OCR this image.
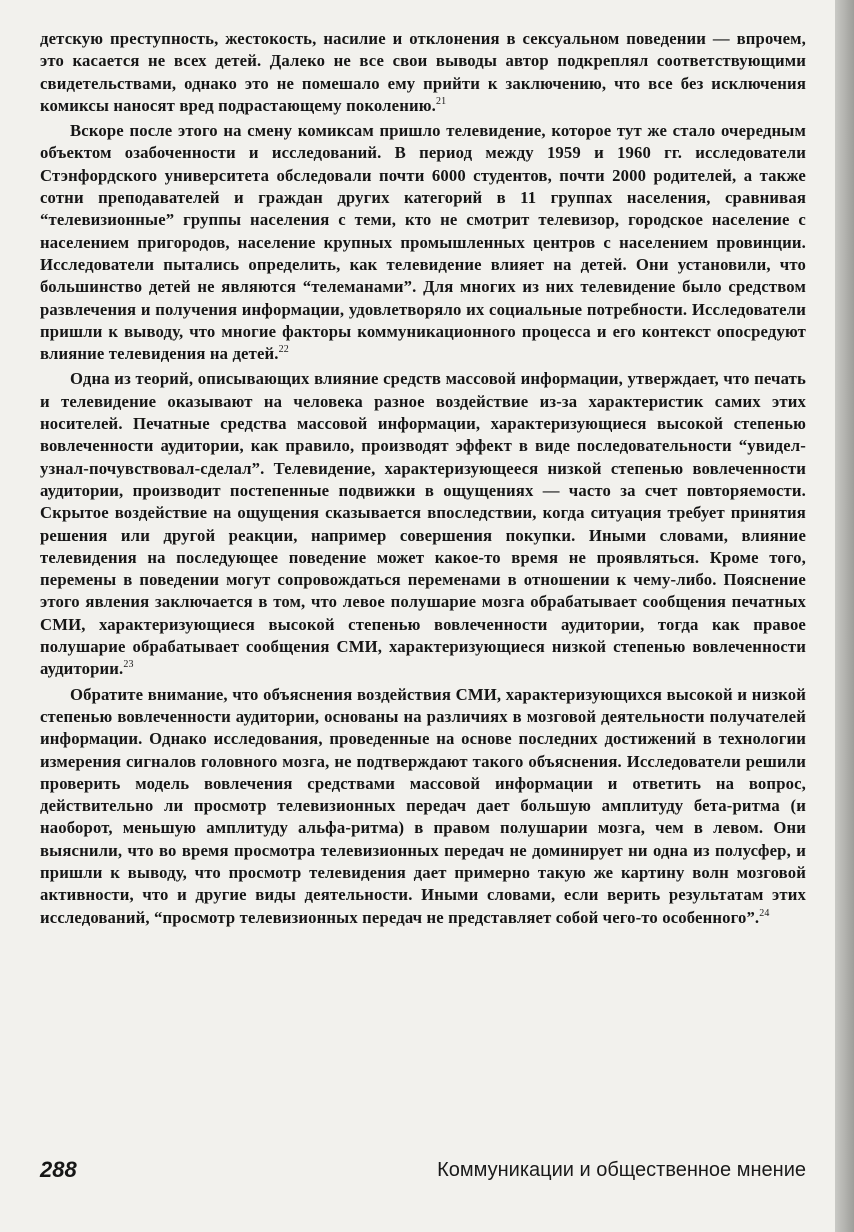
детскую преступность, жестокость, насилие и отклонения в сексуальном поведении — впрочем, это касается не всех детей. Далеко не все свои выводы автор подкреплял соответствующими свидетельствами, однако это не помешало ему прийти к заключению, что все без исключения комиксы наносят вред подрастающему поколению.$^{21}$

Вскоре после этого на смену комиксам пришло телевидение, которое тут же стало очередным объектом озабоченности и исследований. В период между 1959 и 1960 гг. исследователи Стэнфордского университета обследовали почти 6000 студентов, почти 2000 родителей, а также сотни преподавателей и граждан других категорий в 11 группах населения, сравнивая “телевизионные” группы населения с теми, кто не смотрит телевизор, городское население с населением пригородов, население крупных промышленных центров с населением провинции. Исследователи пытались определить, как телевидение влияет на детей. Они установили, что большинство детей не являются “телеманами”. Для многих из них телевидение было средством развлечения и получения информации, удовлетворяло их социальные потребности. Исследователи пришли к выводу, что многие факторы коммуникационного процесса и его контекст опосредуют влияние телевидения на детей.$^{22}$

Одна из теорий, описывающих влияние средств массовой информации, утверждает, что печать и телевидение оказывают на человека разное воздействие из-за характеристик самих этих носителей. Печатные средства массовой информации, характеризующиеся высокой степенью вовлеченности аудитории, как правило, производят эффект в виде последовательности “увидел-узнал-почувствовал-сделал”. Телевидение, характеризующееся низкой степенью вовлеченности аудитории, производит постепенные подвижки в ощущениях — часто за счет повторяемости. Скрытое воздействие на ощущения сказывается впоследствии, когда ситуация требует принятия решения или другой реакции, например совершения покупки. Иными словами, влияние телевидения на последующее поведение может какое-то время не проявляться. Кроме того, перемены в поведении могут сопровождаться переменами в отношении к чему-либо. Пояснение этого явления заключается в том, что левое полушарие мозга обрабатывает сообщения печатных СМИ, характеризующиеся высокой степенью вовлеченности аудитории, тогда как правое полушарие обрабатывает сообщения СМИ, характеризующиеся низкой степенью вовлеченности аудитории.$^{23}$

Обратите внимание, что объяснения воздействия СМИ, характеризующихся высокой и низкой степенью вовлеченности аудитории, основаны на различиях в мозговой деятельности получателей информации. Однако исследования, проведенные на основе последних достижений в технологии измерения сигналов головного мозга, не подтверждают такого объяснения. Исследователи решили проверить модель вовлечения средствами массовой информации и ответить на вопрос, действительно ли просмотр телевизионных передач дает большую амплитуду бета-ритма (и наоборот, меньшую амплитуду альфа-ритма) в правом полушарии мозга, чем в левом. Они выяснили, что во время просмотра телевизионных передач не доминирует ни одна из полусфер, и пришли к выводу, что просмотр телевидения дает примерно такую же картину волн мозговой активности, что и другие виды деятельности. Иными словами, если верить результатам этих исследований, “просмотр телевизионных передач не представляет собой чего-то особенного”.$^{24}$

288	Коммуникации и общественное мнение
